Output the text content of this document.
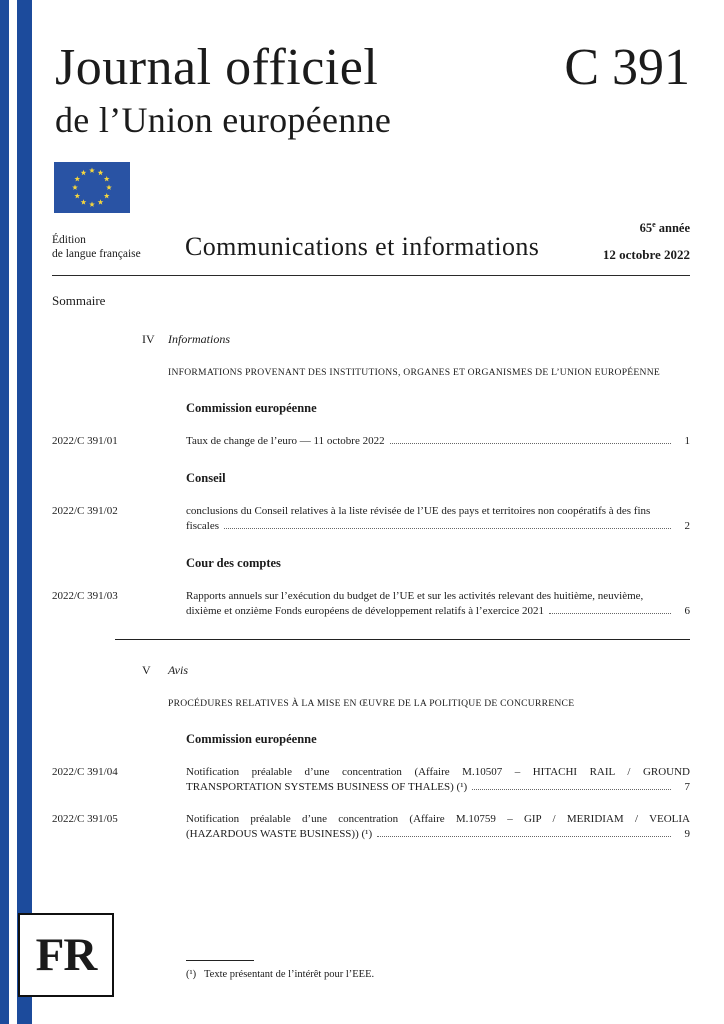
Journal officiel	C 391
de l’Union européenne
Édition
de langue française	Communications et informations
65e année
12 octobre 2022
Sommaire
IV	Informations
INFORMATIONS PROVENANT DES INSTITUTIONS, ORGANES ET ORGANISMES DE L’UNION EUROPÉENNE
Commission européenne
2022/C 391/01	Taux de change de l’euro — 11 octobre 2022	1
Conseil
2022/C 391/02	conclusions du Conseil relatives à la liste révisée de l’UE des pays et territoires non coopératifs à des fins
fiscales	2
Cour des comptes
2022/C 391/03	Rapports annuels sur l’exécution du budget de l’UE et sur les activités relevant des huitième, neuvième,
dixième et onzième Fonds européens de développement relatifs à l’exercice 2021	6
V	Avis
PROCÉDURES RELATIVES À LA MISE EN ŒUVRE DE LA POLITIQUE DE CONCURRENCE
Commission européenne
2022/C 391/04	Notification préalable d’une concentration (Affaire M.10507 – HITACHI RAIL / GROUND
TRANSPORTATION SYSTEMS BUSINESS OF THALES) (¹)	7
2022/C 391/05	Notification préalable d’une concentration (Affaire M.10759 – GIP / MERIDIAM / VEOLIA
(HAZARDOUS WASTE BUSINESS)) (¹)	9
FR	(¹) Texte présentant de l’intérêt pour l’EEE.
